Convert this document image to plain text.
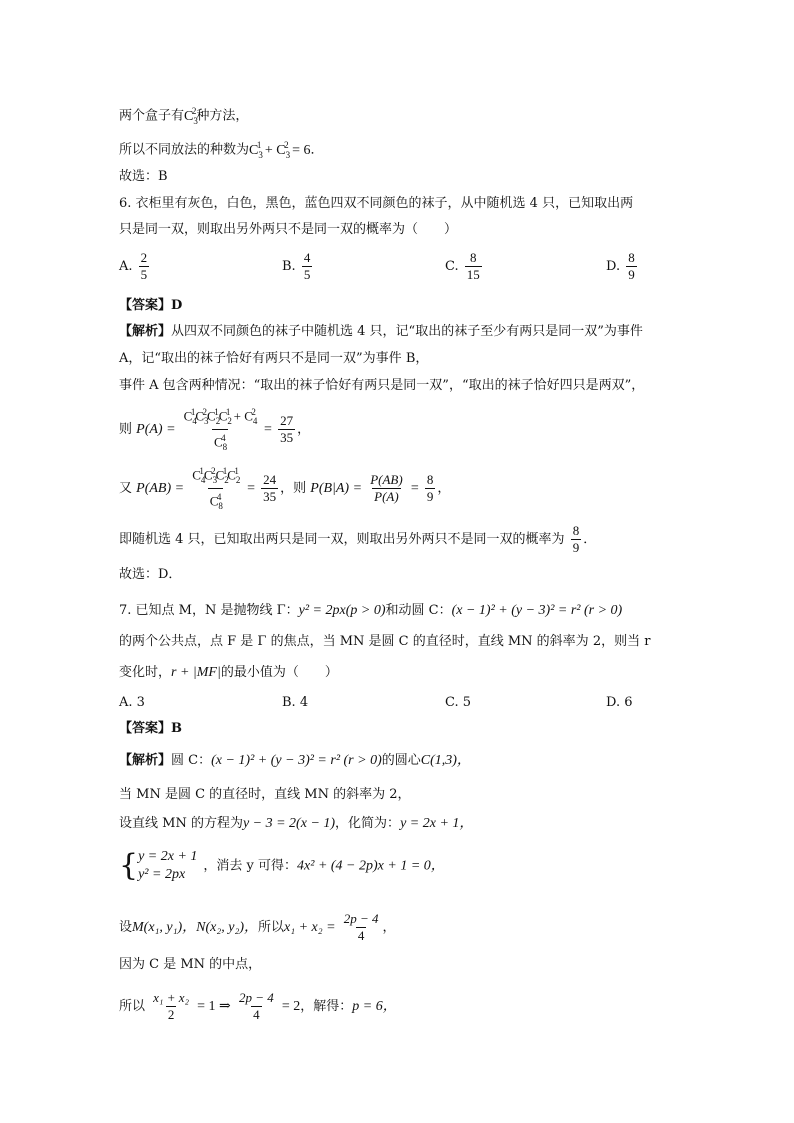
两个盒子有$C_3^2$种方法，
所以不同放法的种数为$C_3^1 + C_3^2 = 6$．
故选：B
6. 衣柜里有灰色，白色，黑色，蓝色四双不同颜色的袜子，从中随机选 4 只，已知取出两
只是同一双，则取出另外两只不是同一双的概率为（　　）
A. $\frac{2}{5}$	B. $\frac{4}{5}$	C. $\frac{8}{15}$	D. $\frac{8}{9}$
【答案】D
【解析】从四双不同颜色的袜子中随机选 4 只，记“取出的袜子至少有两只是同一双”为事件
A，记“取出的袜子恰好有两只不是同一双”为事件 B，
事件 A 包含两种情况：“取出的袜子恰好有两只是同一双”，“取出的袜子恰好四只是两双”，
则 $P(A) = \frac{C_4^1C_3^2C_2^1C_2^1 + C_4^2}{C_8^4} = \frac{27}{35}$ ，
又 $P(AB) = \frac{C_4^1C_3^2C_2^1C_2^1}{C_8^4} = \frac{24}{35}$ ，则 $P(B|A) = \frac{P(AB)}{P(A)} = \frac{8}{9}$ ，
即随机选 4 只，已知取出两只是同一双，则取出另外两只不是同一双的概率为 $\frac{8}{9}$ ．
故选：D．
7. 已知点 M，N 是抛物线 Γ：y² = 2px(p > 0)和动圆 C：(x − 1)² + (y − 3)² = r² (r > 0)
的两个公共点，点 F 是 Γ 的焦点，当 MN 是圆 C 的直径时，直线 MN 的斜率为 2，则当 r
变化时，r + |MF|的最小值为（　　）
A. 3	B. 4	C. 5	D. 6
【答案】B
【解析】圆 C：(x − 1)² + (y − 3)² = r² (r > 0)的圆心C(1,3)，
当 MN 是圆 C 的直径时，直线 MN 的斜率为 2，
设直线 MN 的方程为y − 3 = 2(x − 1)，化简为：y = 2x + 1，
{ y = 2x + 1
y² = 2px
，消去 y 可得：4x² + (4 − 2p)x + 1 = 0，
设M(x₁, y₁)，N(x₂, y₂)，所以$x_1 + x_2 = \frac{2p - 4}{4}$ ，
因为 C 是 MN 的中点，
所以 $\frac{\text{x₁ + x₂}}{2} = 1$ ⇒ $\frac{2p - 4}{4} = 2$，解得：p = 6，
